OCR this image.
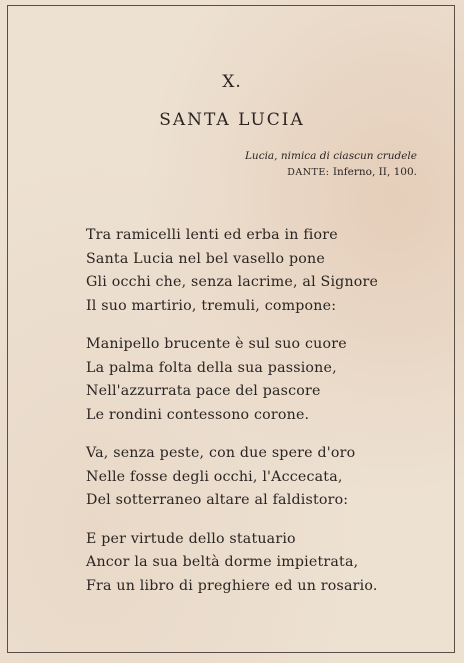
X.
SANTA LUCIA
Lucia, nimica di ciascun crudele
DANTE: Inferno, II, 100.
Tra ramicelli lenti ed erba in fiore
Santa Lucia nel bel vasello pone
Gli occhi che, senza lacrime, al Signore
Il suo martirio, tremuli, compone:
Manipello brucente è sul suo cuore
La palma folta della sua passione,
Nell'azzurrata pace del pascore
Le rondini contessono corone.
Va, senza peste, con due spere d'oro
Nelle fosse degli occhi, l'Accecata,
Del sotterraneo altare al faldistoro:
E per virtude dello statuario
Ancor la sua beltà dorme impietrata,
Fra un libro di preghiere ed un rosario.
